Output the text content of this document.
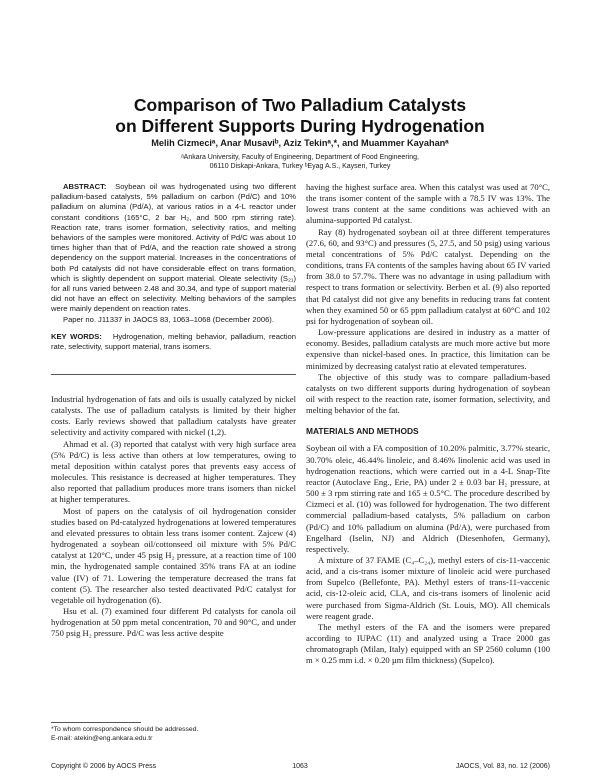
Comparison of Two Palladium Catalysts
on Different Supports During Hydrogenation
Melih Cizmeciᵃ, Anar Musaviᵇ, Aziz Tekinᵃ,*, and Muammer Kayahanᵃ
ᵃAnkara University, Faculty of Engineering, Department of Food Engineering,
06110 Diskapi-Ankara, Turkey ᵇEyag A.S., Kayseri, Turkey

ABSTRACT: Soybean oil was hydrogenated using two different palladium-based catalysts, 5% palladium on carbon (Pd/C) and 10% palladium on alumina (Pd/A), at various ratios in a 4-L reactor under constant conditions (165°C, 2 bar H₂, and 500 rpm stirring rate). Reaction rate, trans isomer formation, selectivity ratios, and melting behaviors of the samples were monitored. Activity of Pd/C was about 10 times higher than that of Pd/A, and the reaction rate showed a strong dependency on the support material. Increases in the concentrations of both Pd catalysts did not have considerable effect on trans formation, which is slightly dependent on support material. Oleate selectivity (S₂₁) for all runs varied between 2.48 and 30.34, and type of support material did not have an effect on selectivity. Melting behaviors of the samples were mainly dependent on reaction rates.

Paper no. J11337 in JAOCS 83, 1063–1068 (December 2006).

KEY WORDS: Hydrogenation, melting behavior, palladium, reaction rate, selectivity, support material, trans isomers.

Industrial hydrogenation of fats and oils is usually catalyzed by nickel catalysts. The use of palladium catalysts is limited by their higher costs. Early reviews showed that palladium catalysts have greater selectivity and activity compared with nickel (1,2).

Ahmad et al. (3) reported that catalyst with very high surface area (5% Pd/C) is less active than others at low temperatures, owing to metal deposition within catalyst pores that prevents easy access of molecules. This resistance is decreased at higher temperatures. They also reported that palladium produces more trans isomers than nickel at higher temperatures.

Most of papers on the catalysis of oil hydrogenation consider studies based on Pd-catalyzed hydrogenations at lowered temperatures and elevated pressures to obtain less trans isomer content. Zajcew (4) hydrogenated a soybean oil/cottonseed oil mixture with 5% Pd/C catalyst at 120°C, under 45 psig H₂ pressure, at a reaction time of 100 min, the hydrogenated sample contained 35% trans FA at an iodine value (IV) of 71. Lowering the temperature decreased the trans fat content (5). The researcher also tested deactivated Pd/C catalyst for vegetable oil hydrogenation (6).

Hsu et al. (7) examined four different Pd catalysts for canola oil hydrogenation at 50 ppm metal concentration, 70 and 90°C, and under 750 psig H₂ pressure. Pd/C was less active despite

*To whom correspondence should be addressed.
E-mail: atekin@eng.ankara.edu.tr

having the highest surface area. When this catalyst was used at 70°C, the trans isomer content of the sample with a 78.5 IV was 13%. The lowest trans content at the same conditions was achieved with an alumina-supported Pd catalyst.

Ray (8) hydrogenated soybean oil at three different temperatures (27.6, 60, and 93°C) and pressures (5, 27.5, and 50 psig) using various metal concentrations of 5% Pd/C catalyst. Depending on the conditions, trans FA contents of the samples having about 65 IV varied from 38.0 to 57.7%. There was no advantage in using palladium with respect to trans formation or selectivity. Berben et al. (9) also reported that Pd catalyst did not give any benefits in reducing trans fat content when they examined 50 or 65 ppm palladium catalyst at 60°C and 102 psi for hydrogenation of soybean oil.

Low-pressure applications are desired in industry as a matter of economy. Besides, palladium catalysts are much more active but more expensive than nickel-based ones. In practice, this limitation can be minimized by decreasing catalyst ratio at elevated temperatures.

The objective of this study was to compare palladium-based catalysts on two different supports during hydrogenation of soybean oil with respect to the reaction rate, isomer formation, selectivity, and melting behavior of the fat.

MATERIALS AND METHODS

Soybean oil with a FA composition of 10.20% palmitic, 3.77% stearic, 30.70% oleic, 46.44% linoleic, and 8.46% linolenic acid was used in hydrogenation reactions, which were carried out in a 4-L Snap-Tite reactor (Autoclave Eng., Erie, PA) under 2 ± 0.03 bar H₂ pressure, at 500 ± 3 rpm stirring rate and 165 ± 0.5°C. The procedure described by Cizmeci et al. (10) was followed for hydrogenation. The two different commercial palladium-based catalysts, 5% palladium on carbon (Pd/C) and 10% palladium on alumina (Pd/A), were purchased from Engelhard (Iselin, NJ) and Aldrich (Diesenhofen, Germany), respectively.

A mixture of 37 FAME (C₄–C₂₄), methyl esters of cis-11-vaccenic acid, and a cis-trans isomer mixture of linoleic acid were purchased from Supelco (Bellefonte, PA). Methyl esters of trans-11-vaccenic acid, cis-12-oleic acid, CLA, and cis-trans isomers of linolenic acid were purchased from Sigma-Aldrich (St. Louis, MO). All chemicals were reagent grade.

The methyl esters of the FA and the isomers were prepared according to IUPAC (11) and analyzed using a Trace 2000 gas chromatograph (Milan, Italy) equipped with an SP 2560 column (100 m × 0.25 mm i.d. × 0.20 µm film thickness) (Supelco).

Copyright © 2006 by AOCS Press	1063	JAOCS, Vol. 83, no. 12 (2006)
